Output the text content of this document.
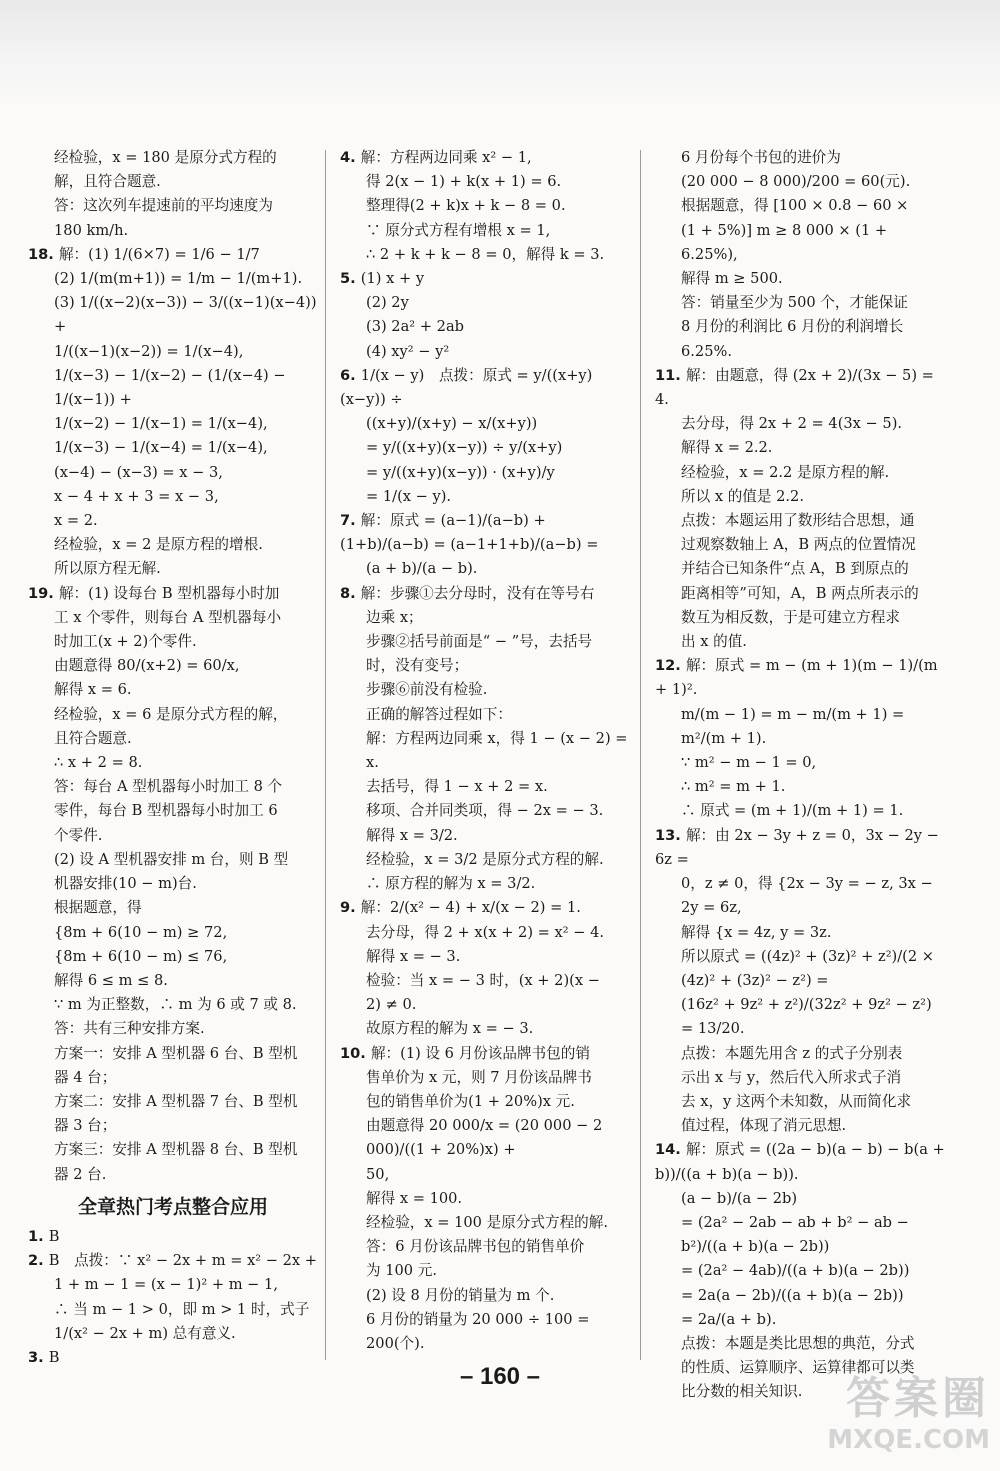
经检验，x = 180 是原分式方程的
解，且符合题意.
答：这次列车提速前的平均速度为
180 km/h.
18. 解：(1) 1/(6×7) = 1/6 − 1/7
(2) 1/(m(m+1)) = 1/m − 1/(m+1).
(3) 1/((x−2)(x−3)) − 3/((x−1)(x−4)) +
1/((x−1)(x−2)) = 1/(x−4),
1/(x−3) − 1/(x−2) − (1/(x−4) − 1/(x−1)) +
1/(x−2) − 1/(x−1) = 1/(x−4),
1/(x−3) − 1/(x−4) = 1/(x−4),
(x−4) − (x−3) = x − 3,
x − 4 + x + 3 = x − 3,
x = 2.
经检验，x = 2 是原方程的增根.
所以原方程无解.
19. 解：(1) 设每台 B 型机器每小时加
工 x 个零件，则每台 A 型机器每小
时加工(x + 2)个零件.
由题意得 80/(x+2) = 60/x,
解得 x = 6.
经检验，x = 6 是原分式方程的解，
且符合题意.
∴ x + 2 = 8.
答：每台 A 型机器每小时加工 8 个
零件，每台 B 型机器每小时加工 6
个零件.
(2) 设 A 型机器安排 m 台，则 B 型
机器安排(10 − m)台.
根据题意，得
{8m + 6(10 − m) ≥ 72,
{8m + 6(10 − m) ≤ 76,
解得 6 ≤ m ≤ 8.
∵ m 为正整数，∴ m 为 6 或 7 或 8.
答：共有三种安排方案.
方案一：安排 A 型机器 6 台、B 型机
器 4 台；
方案二：安排 A 型机器 7 台、B 型机
器 3 台；
方案三：安排 A 型机器 8 台、B 型机
器 2 台.
全章热门考点整合应用
1. B
2. B　点拨：∵ x² − 2x + m = x² − 2x +
1 + m − 1 = (x − 1)² + m − 1,
∴ 当 m − 1 > 0，即 m > 1 时，式子
1/(x² − 2x + m) 总有意义.
3. B
4. 解：方程两边同乘 x² − 1,
得 2(x − 1) + k(x + 1) = 6.
整理得(2 + k)x + k − 8 = 0.
∵ 原分式方程有增根 x = 1,
∴ 2 + k + k − 8 = 0，解得 k = 3.
5. (1) x + y
(2) 2y
(3) 2a² + 2ab
(4) xy² − y²
6. 1/(x − y)　点拨：原式 = y/((x+y)(x−y)) ÷
((x+y)/(x+y) − x/(x+y))
= y/((x+y)(x−y)) ÷ y/(x+y)
= y/((x+y)(x−y)) · (x+y)/y
= 1/(x − y).
7. 解：原式 = (a−1)/(a−b) + (1+b)/(a−b) = (a−1+1+b)/(a−b) =
(a + b)/(a − b).
8. 解：步骤①去分母时，没有在等号右
边乘 x；
步骤②括号前面是“ − ”号，去括号
时，没有变号；
步骤⑥前没有检验.
正确的解答过程如下：
解：方程两边同乘 x，得 1 − (x − 2) = x.
去括号，得 1 − x + 2 = x.
移项、合并同类项，得 − 2x = − 3.
解得 x = 3/2.
经检验，x = 3/2 是原分式方程的解.
∴ 原方程的解为 x = 3/2.
9. 解：2/(x² − 4) + x/(x − 2) = 1.
去分母，得 2 + x(x + 2) = x² − 4.
解得 x = − 3.
检验：当 x = − 3 时，(x + 2)(x −
2) ≠ 0.
故原方程的解为 x = − 3.
10. 解：(1) 设 6 月份该品牌书包的销
售单价为 x 元，则 7 月份该品牌书
包的销售单价为(1 + 20%)x 元.
由题意得 20 000/x = (20 000 − 2 000)/((1 + 20%)x) +
50,
解得 x = 100.
经检验，x = 100 是原分式方程的解.
答：6 月份该品牌书包的销售单价
为 100 元.
(2) 设 8 月份的销量为 m 个.
6 月份的销量为 20 000 ÷ 100 =
200(个).
6 月份每个书包的进价为
(20 000 − 8 000)/200 = 60(元).
根据题意，得 [100 × 0.8 − 60 ×
(1 + 5%)] m ≥ 8 000 × (1 +
6.25%),
解得 m ≥ 500.
答：销量至少为 500 个，才能保证
8 月份的利润比 6 月份的利润增长
6.25%.
11. 解：由题意，得 (2x + 2)/(3x − 5) = 4.
去分母，得 2x + 2 = 4(3x − 5).
解得 x = 2.2.
经检验，x = 2.2 是原方程的解.
所以 x 的值是 2.2.
点拨：本题运用了数形结合思想，通
过观察数轴上 A，B 两点的位置情况
并结合已知条件“点 A，B 到原点的
距离相等”可知，A，B 两点所表示的
数互为相反数，于是可建立方程求
出 x 的值.
12. 解：原式 = m − (m + 1)(m − 1)/(m + 1)².
m/(m − 1) = m − m/(m + 1) = m²/(m + 1).
∵ m² − m − 1 = 0,
∴ m² = m + 1.
∴ 原式 = (m + 1)/(m + 1) = 1.
13. 解：由 2x − 3y + z = 0，3x − 2y − 6z =
0，z ≠ 0，得 {2x − 3y = − z, 3x − 2y = 6z,
解得 {x = 4z, y = 3z.
所以原式 = ((4z)² + (3z)² + z²)/(2 × (4z)² + (3z)² − z²) =
(16z² + 9z² + z²)/(32z² + 9z² − z²) = 13/20.
点拨：本题先用含 z 的式子分别表
示出 x 与 y，然后代入所求式子消
去 x，y 这两个未知数，从而简化求
值过程，体现了消元思想.
14. 解：原式 = ((2a − b)(a − b) − b(a + b))/((a + b)(a − b)).
(a − b)/(a − 2b)
= (2a² − 2ab − ab + b² − ab − b²)/((a + b)(a − 2b))
= (2a² − 4ab)/((a + b)(a − 2b))
= 2a(a − 2b)/((a + b)(a − 2b))
= 2a/(a + b).
点拨：本题是类比思想的典范，分式
的性质、运算顺序、运算律都可以类
比分数的相关知识.
– 160 –	答案圈
MXQE.COM
